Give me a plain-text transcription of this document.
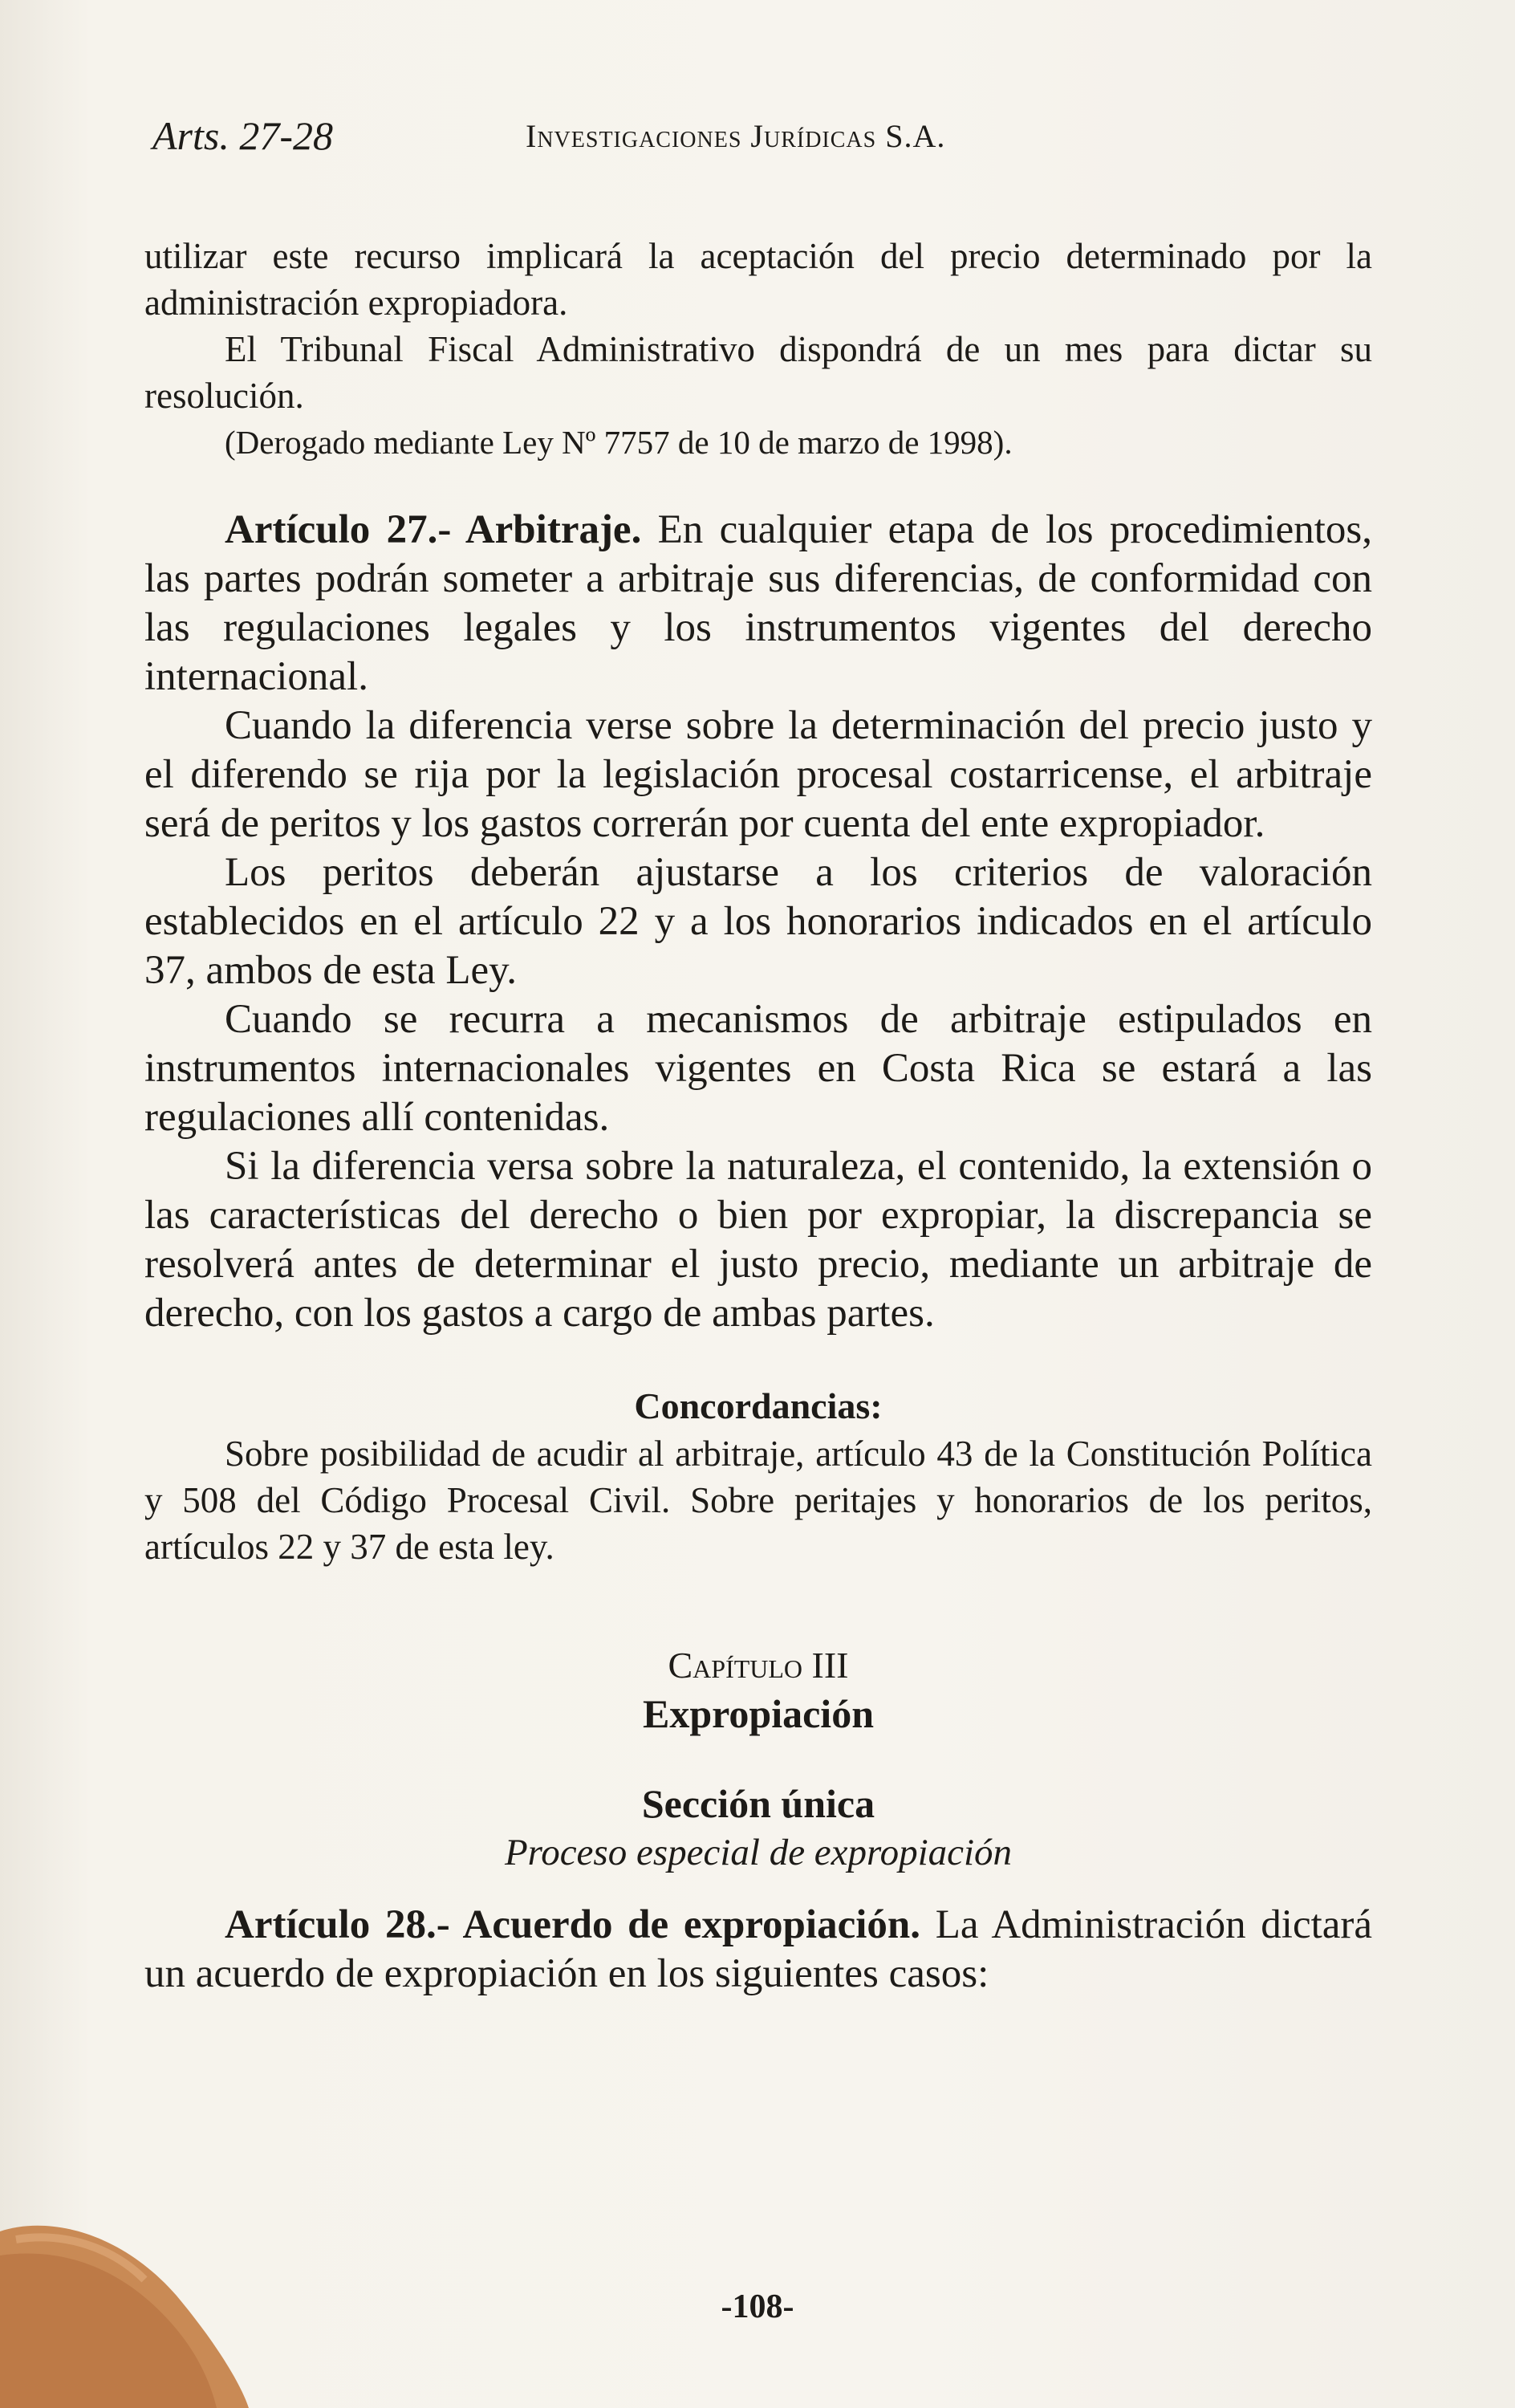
Arts. 27-28	Investigaciones Jurídicas S.A.

utilizar este recurso implicará la aceptación del precio determinado por la administración expropiadora.

El Tribunal Fiscal Administrativo dispondrá de un mes para dictar su resolución.

(Derogado mediante Ley Nº 7757 de 10 de marzo de 1998).

Artículo 27.- Arbitraje. En cualquier etapa de los procedimientos, las partes podrán someter a arbitraje sus diferencias, de conformidad con las regulaciones legales y los instrumentos vigentes del derecho internacional.

Cuando la diferencia verse sobre la determinación del precio justo y el diferendo se rija por la legislación procesal costarricense, el arbitraje será de peritos y los gastos correrán por cuenta del ente expropiador.

Los peritos deberán ajustarse a los criterios de valoración establecidos en el artículo 22 y a los honorarios indicados en el artículo 37, ambos de esta Ley.

Cuando se recurra a mecanismos de arbitraje estipulados en instrumentos internacionales vigentes en Costa Rica se estará a las regulaciones allí contenidas.

Si la diferencia versa sobre la naturaleza, el contenido, la extensión o las características del derecho o bien por expropiar, la discrepancia se resolverá antes de determinar el justo precio, mediante un arbitraje de derecho, con los gastos a cargo de ambas partes.

Concordancias:

Sobre posibilidad de acudir al arbitraje, artículo 43 de la Constitución Política y 508 del Código Procesal Civil. Sobre peritajes y honorarios de los peritos, artículos 22 y 37 de esta ley.

Capítulo III

Expropiación

Sección única

Proceso especial de expropiación

Artículo 28.- Acuerdo de expropiación. La Administración dictará un acuerdo de expropiación en los siguientes casos:

-108-
